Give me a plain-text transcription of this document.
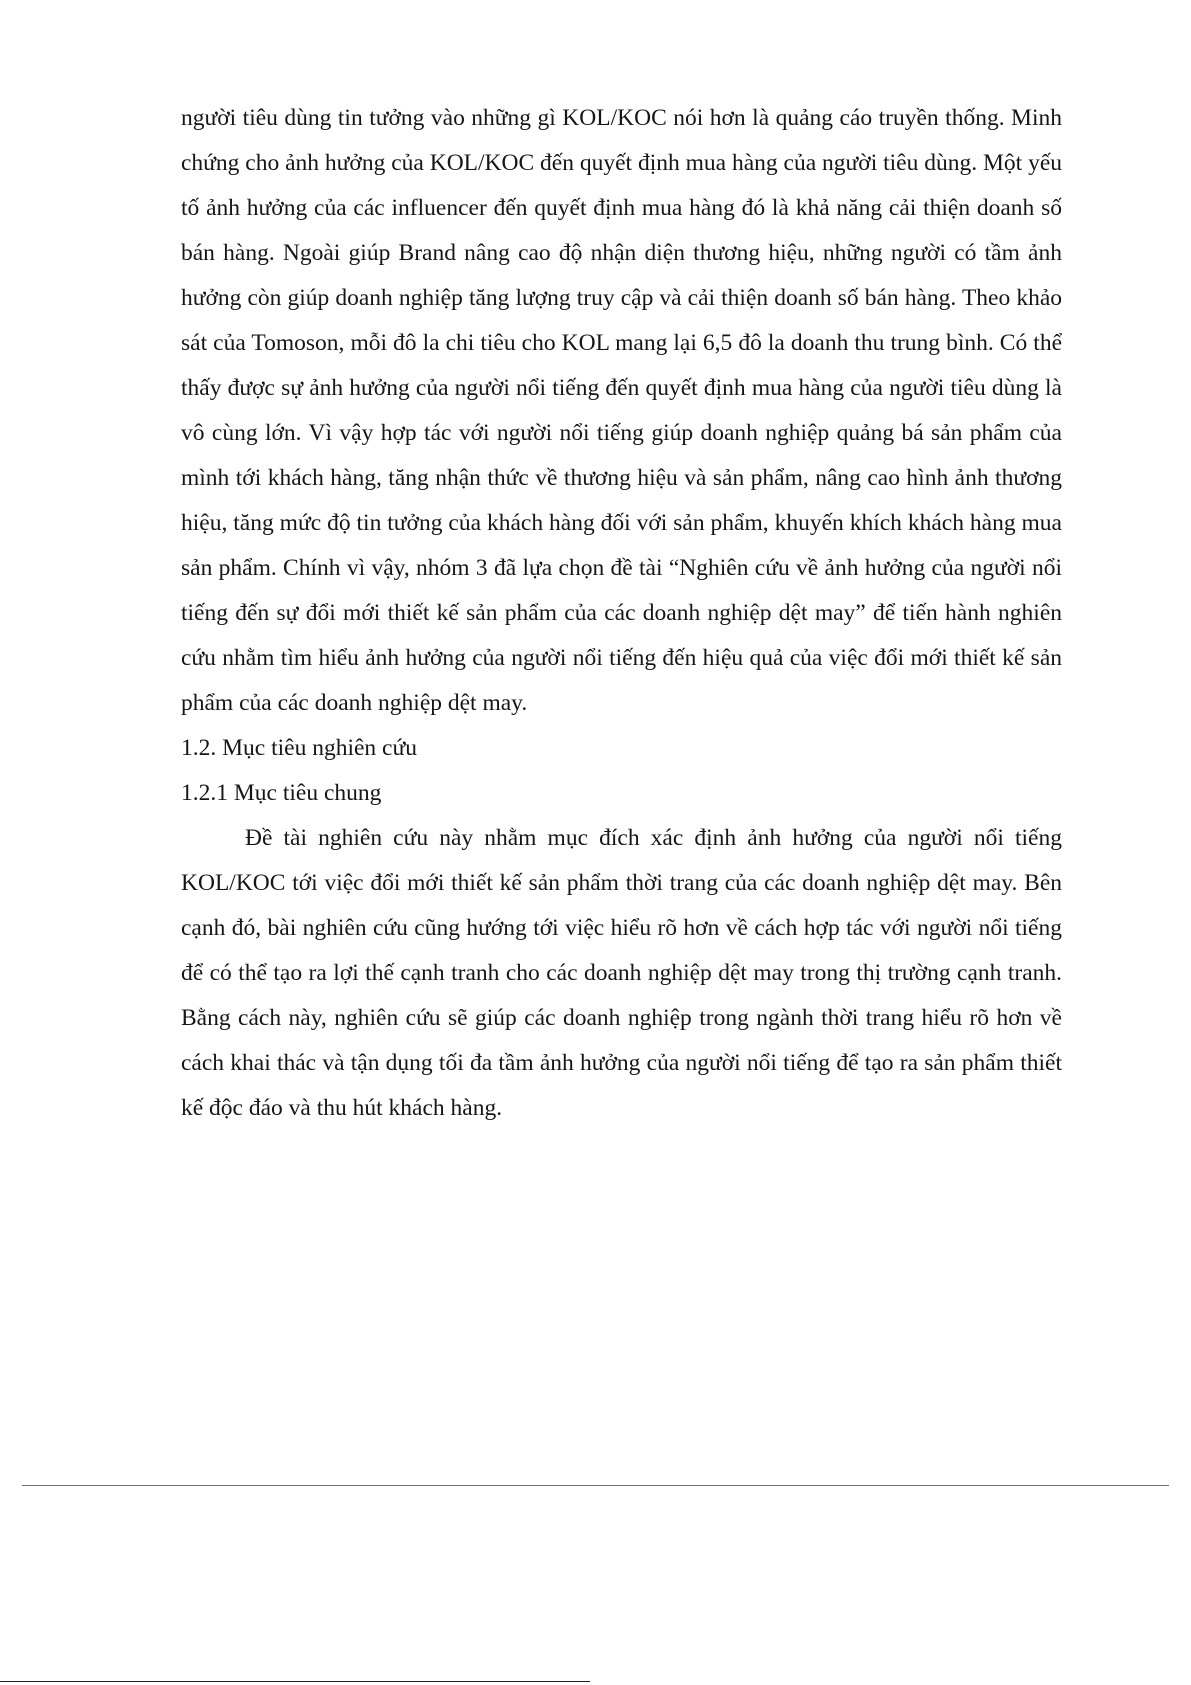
người tiêu dùng tin tưởng vào những gì KOL/KOC nói hơn là quảng cáo truyền thống. Minh chứng cho ảnh hưởng của KOL/KOC đến quyết định mua hàng của người tiêu dùng. Một yếu tố ảnh hưởng của các influencer đến quyết định mua hàng đó là khả năng cải thiện doanh số bán hàng. Ngoài giúp Brand nâng cao độ nhận diện thương hiệu, những người có tầm ảnh hưởng còn giúp doanh nghiệp tăng lượng truy cập và cải thiện doanh số bán hàng. Theo khảo sát của Tomoson, mỗi đô la chi tiêu cho KOL mang lại 6,5 đô la doanh thu trung bình. Có thể thấy được sự ảnh hưởng của người nổi tiếng đến quyết định mua hàng của người tiêu dùng là vô cùng lớn. Vì vậy hợp tác với người nổi tiếng giúp doanh nghiệp quảng bá sản phẩm của mình tới khách hàng, tăng nhận thức về thương hiệu và sản phẩm, nâng cao hình ảnh thương hiệu, tăng mức độ tin tưởng của khách hàng đối với sản phẩm, khuyến khích khách hàng mua sản phẩm. Chính vì vậy, nhóm 3 đã lựa chọn đề tài “Nghiên cứu về ảnh hưởng của người nổi tiếng đến sự đổi mới thiết kế sản phẩm của các doanh nghiệp dệt may” để tiến hành nghiên cứu nhằm tìm hiểu ảnh hưởng của người nổi tiếng đến hiệu quả của việc đổi mới thiết kế sản phẩm của các doanh nghiệp dệt may.

1.2. Mục tiêu nghiên cứu

1.2.1 Mục tiêu chung

Đề tài nghiên cứu này nhằm mục đích xác định ảnh hưởng của người nổi tiếng KOL/KOC tới việc đổi mới thiết kế sản phẩm thời trang của các doanh nghiệp dệt may. Bên cạnh đó, bài nghiên cứu cũng hướng tới việc hiểu rõ hơn về cách hợp tác với người nổi tiếng để có thể tạo ra lợi thế cạnh tranh cho các doanh nghiệp dệt may trong thị trường cạnh tranh. Bằng cách này, nghiên cứu sẽ giúp các doanh nghiệp trong ngành thời trang hiểu rõ hơn về cách khai thác và tận dụng tối đa tầm ảnh hưởng của người nổi tiếng để tạo ra sản phẩm thiết kế độc đáo và thu hút khách hàng.
